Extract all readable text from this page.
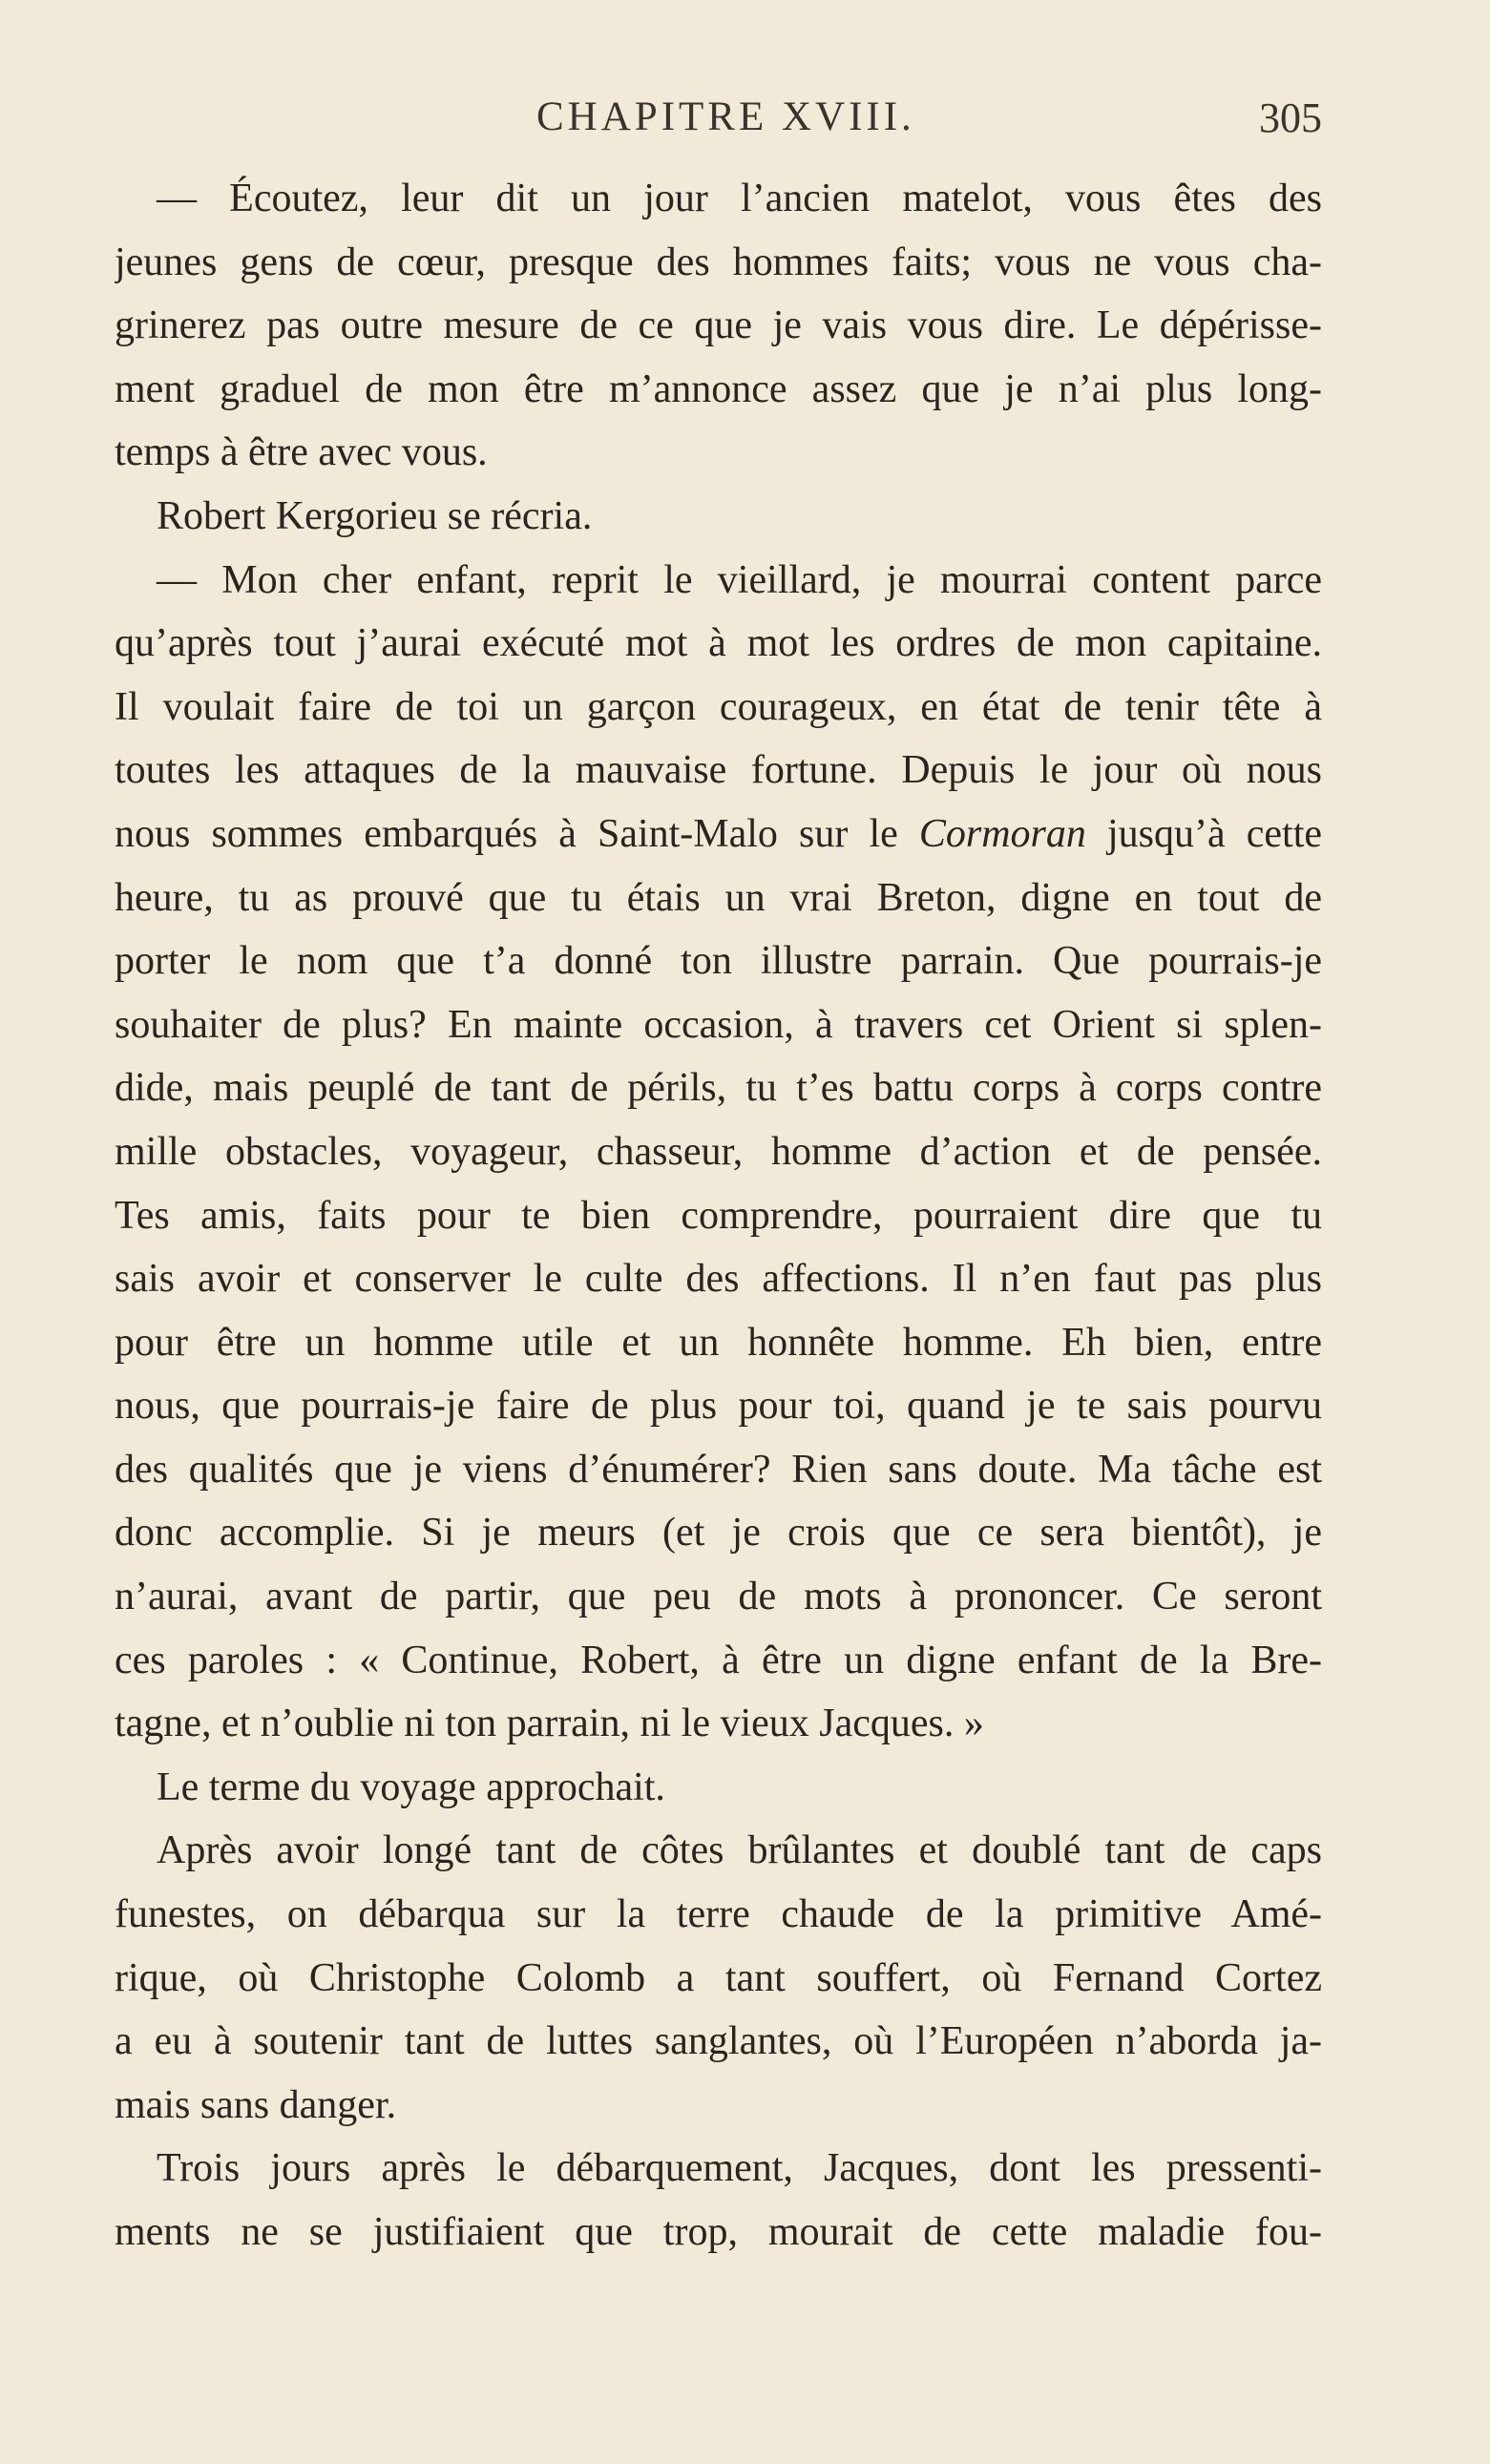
CHAPITRE XVIII.	305
— Écoutez, leur dit un jour l’ancien matelot, vous êtes des
jeunes gens de cœur, presque des hommes faits; vous ne vous cha-
grinerez pas outre mesure de ce que je vais vous dire. Le dépérisse-
ment graduel de mon être m’annonce assez que je n’ai plus long-
temps à être avec vous.
Robert Kergorieu se récria.
— Mon cher enfant, reprit le vieillard, je mourrai content parce
qu’après tout j’aurai exécuté mot à mot les ordres de mon capitaine.
Il voulait faire de toi un garçon courageux, en état de tenir tête à
toutes les attaques de la mauvaise fortune. Depuis le jour où nous
nous sommes embarqués à Saint-Malo sur le Cormoran jusqu’à cette
heure, tu as prouvé que tu étais un vrai Breton, digne en tout de
porter le nom que t’a donné ton illustre parrain. Que pourrais-je
souhaiter de plus? En mainte occasion, à travers cet Orient si splen-
dide, mais peuplé de tant de périls, tu t’es battu corps à corps contre
mille obstacles, voyageur, chasseur, homme d’action et de pensée.
Tes amis, faits pour te bien comprendre, pourraient dire que tu
sais avoir et conserver le culte des affections. Il n’en faut pas plus
pour être un homme utile et un honnête homme. Eh bien, entre
nous, que pourrais-je faire de plus pour toi, quand je te sais pourvu
des qualités que je viens d’énumérer? Rien sans doute. Ma tâche est
donc accomplie. Si je meurs (et je crois que ce sera bientôt), je
n’aurai, avant de partir, que peu de mots à prononcer. Ce seront
ces paroles : « Continue, Robert, à être un digne enfant de la Bre-
tagne, et n’oublie ni ton parrain, ni le vieux Jacques. »
Le terme du voyage approchait.
Après avoir longé tant de côtes brûlantes et doublé tant de caps
funestes, on débarqua sur la terre chaude de la primitive Amé-
rique, où Christophe Colomb a tant souffert, où Fernand Cortez
a eu à soutenir tant de luttes sanglantes, où l’Européen n’aborda ja-
mais sans danger.
Trois jours après le débarquement, Jacques, dont les pressenti-
ments ne se justifiaient que trop, mourait de cette maladie fou-
